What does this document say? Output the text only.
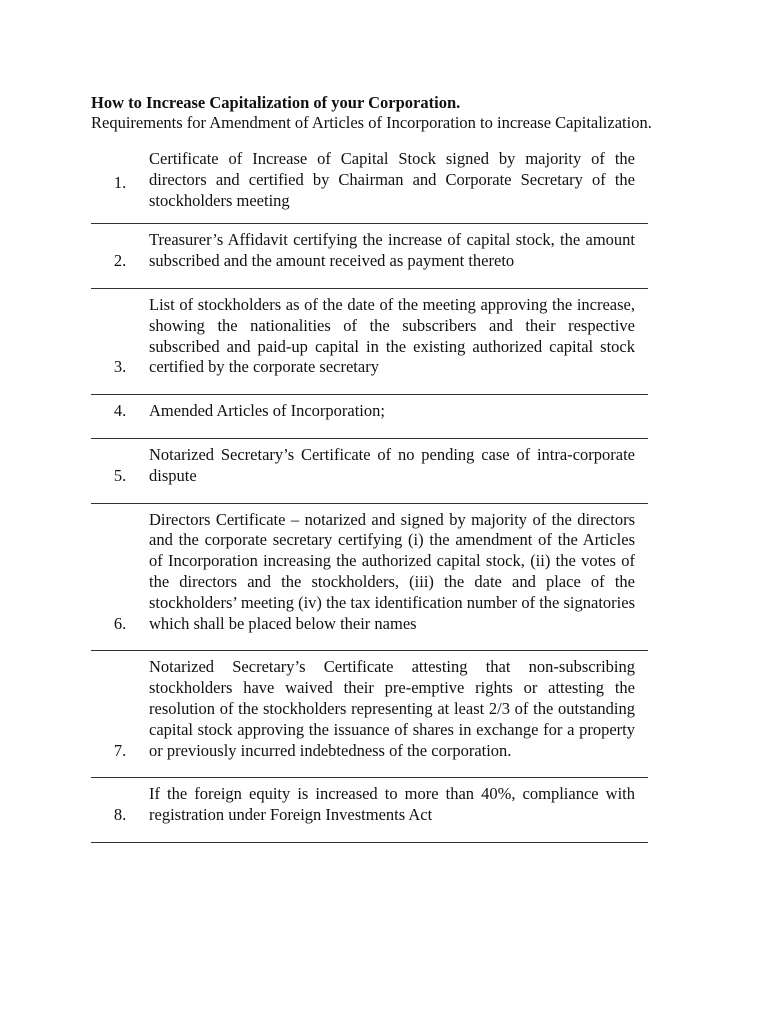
How to Increase Capitalization of your Corporation.

Requirements for Amendment of Articles of Incorporation to increase Capitalization.

1.	Certificate of Increase of Capital Stock signed by majority of the directors and certified by Chairman and Corporate Secretary of the stockholders meeting
2.	Treasurer’s Affidavit certifying the increase of capital stock, the amount subscribed and the amount received as payment thereto
3.	List of stockholders as of the date of the meeting approving the increase, showing the nationalities of the subscribers and their respective subscribed and paid-up capital in the existing authorized capital stock certified by the corporate secretary
4.	Amended Articles of Incorporation;
5.	Notarized Secretary’s Certificate of no pending case of intra-corporate dispute
6.	Directors Certificate – notarized and signed by majority of the directors and the corporate secretary certifying (i) the amendment of the Articles of Incorporation increasing the authorized capital stock, (ii) the votes of the directors and the stockholders, (iii) the date and place of the stockholders’ meeting (iv) the tax identification number of the signatories which shall be placed below their names
7.	Notarized Secretary’s Certificate attesting that non-subscribing stockholders have waived their pre-emptive rights or attesting the resolution of the stockholders representing at least 2/3 of the outstanding capital stock approving the issuance of shares in exchange for a property or previously incurred indebtedness of the corporation.
8.	If the foreign equity is increased to more than 40%, compliance with registration under Foreign Investments Act
